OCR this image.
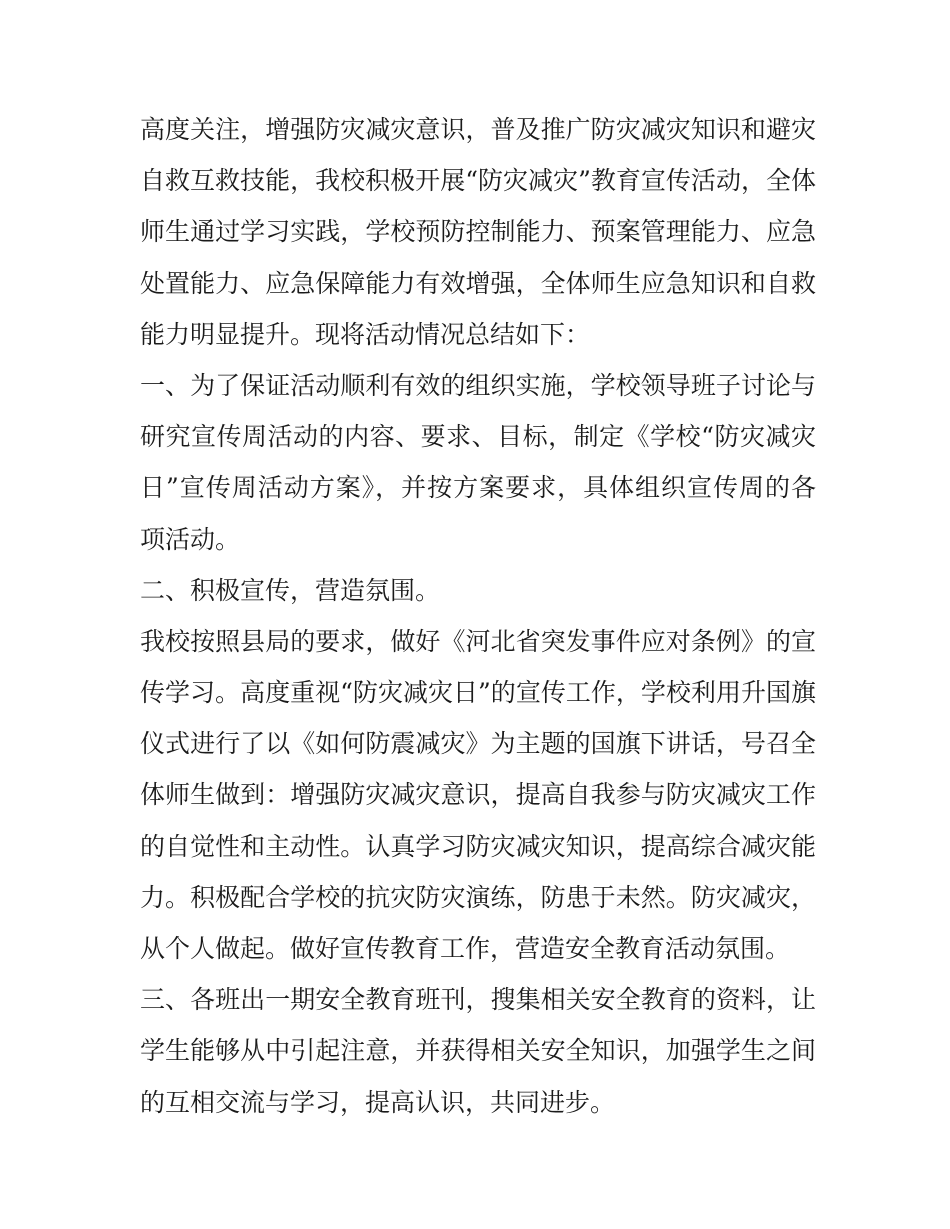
高度关注，增强防灾减灾意识，普及推广防灾减灾知识和避灾
自救互救技能，我校积极开展“防灾减灾”教育宣传活动，全体
师生通过学习实践，学校预防控制能力、预案管理能力、应急
处置能力、应急保障能力有效增强，全体师生应急知识和自救
能力明显提升。现将活动情况总结如下：
一、为了保证活动顺利有效的组织实施，学校领导班子讨论与
研究宣传周活动的内容、要求、目标，制定《学校“防灾减灾
日”宣传周活动方案》，并按方案要求，具体组织宣传周的各
项活动。
二、积极宣传，营造氛围。
我校按照县局的要求，做好《河北省突发事件应对条例》的宣
传学习。高度重视“防灾减灾日”的宣传工作，学校利用升国旗
仪式进行了以《如何防震减灾》为主题的国旗下讲话，号召全
体师生做到：增强防灾减灾意识，提高自我参与防灾减灾工作
的自觉性和主动性。认真学习防灾减灾知识，提高综合减灾能
力。积极配合学校的抗灾防灾演练，防患于未然。防灾减灾，
从个人做起。做好宣传教育工作，营造安全教育活动氛围。
三、各班出一期安全教育班刊，搜集相关安全教育的资料，让
学生能够从中引起注意，并获得相关安全知识，加强学生之间
的互相交流与学习，提高认识，共同进步。
